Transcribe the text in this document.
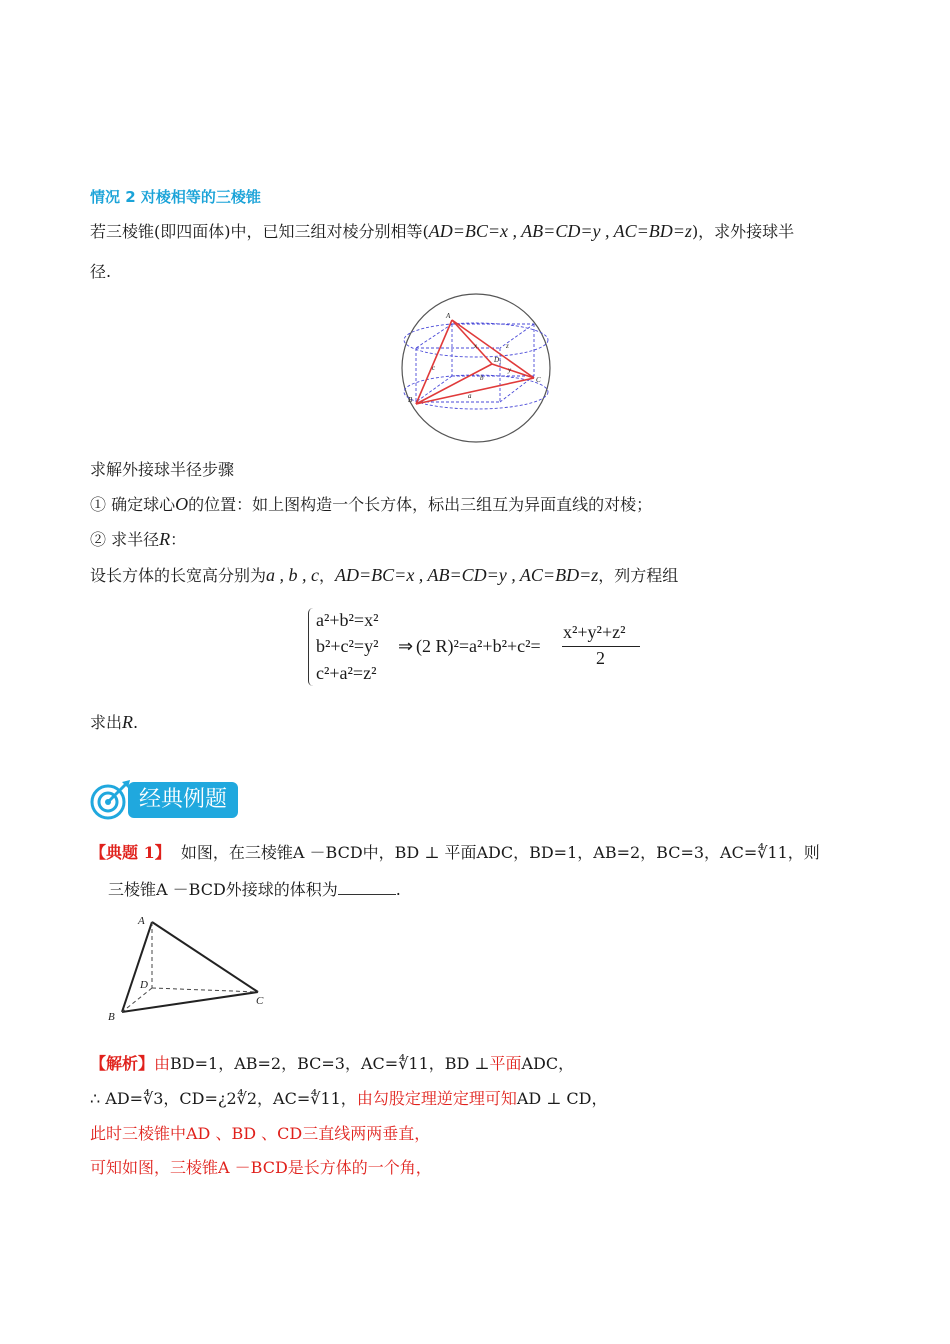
情况 2 对棱相等的三棱锥
若三棱锥(即四面体)中，已知三组对棱分别相等(AD=BC=x , AB=CD=y , AC=BD=z)，求外接球半
径.
A
B
C
D₁
x
y
z
a
b
c
求解外接球半径步骤
① 确定球心O的位置：如上图构造一个长方体，标出三组互为异面直线的对棱；
② 求半径R：
设长方体的长宽高分别为a , b , c，AD=BC=x , AB=CD=y , AC=BD=z，列方程组
a²+b²=x²
b²+c²=y²
c²+a²=z²
⇒ (2 R)²=a²+b²+c²=
x²+y²+z²
2
求出R.
经典例题
【典题 1】 如图，在三棱锥A －BCD中，BD ⊥ 平面ADC，BD=1，AB=2，BC=3，AC=∜11，则
三棱锥A －BCD外接球的体积为	.
A
B
C
D
【解析】由BD=1，AB=2，BC=3，AC=∜11，BD ⊥平面ADC，
∴ AD=∜3，CD=¿2∜2，AC=∜11，由勾股定理逆定理可知AD ⊥ CD，
此时三棱锥中AD 、BD 、CD三直线两两垂直，
可知如图，三棱锥A －BCD是长方体的一个角，
